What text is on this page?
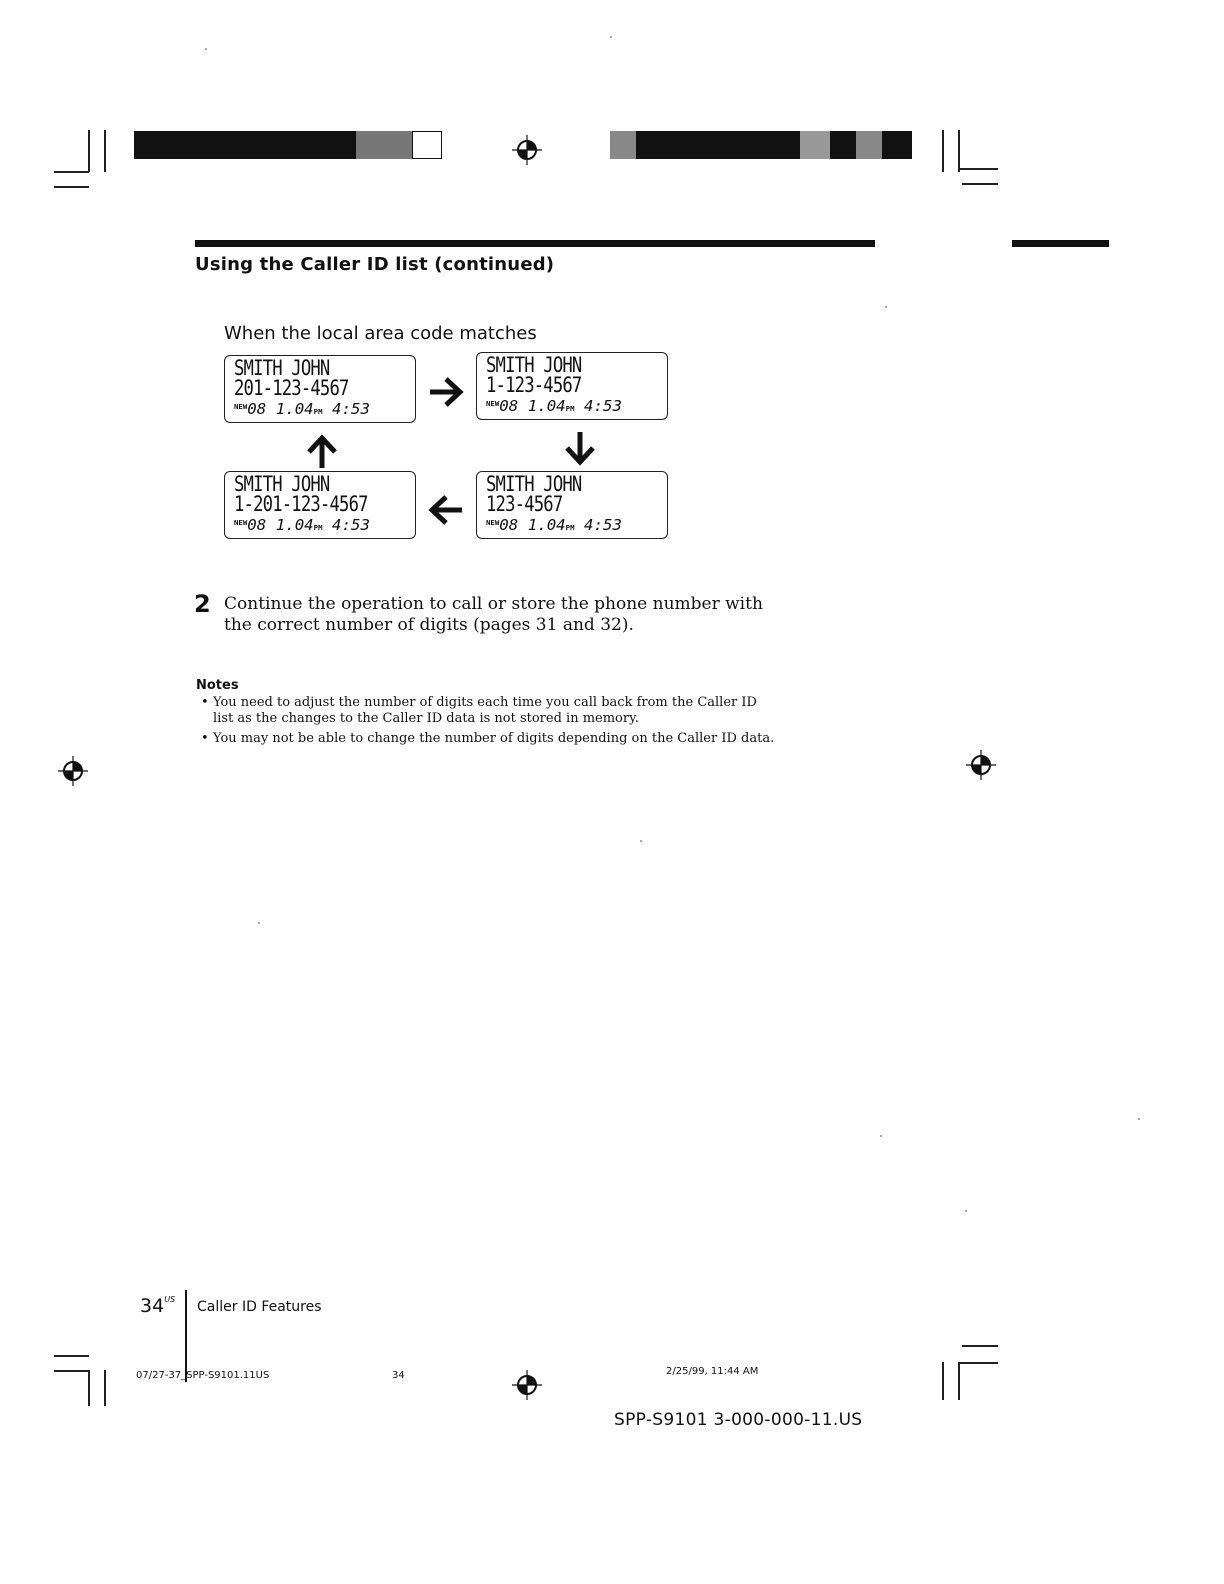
Using the Caller ID list (continued)
When the local area code matches
SMITH JOHN
201-123-4567
$^{NEW}$08 1.04PM 4:53
SMITH JOHN
1-123-4567
$^{NEW}$08 1.04PM 4:53
SMITH JOHN
1-201-123-4567
$^{NEW}$08 1.04PM 4:53
SMITH JOHN
123-4567
$^{NEW}$08 1.04PM 4:53
2 Continue the operation to call or store the phone number with the correct number of digits (pages 31 and 32).
Notes
• You need to adjust the number of digits each time you call back from the Caller ID list as the changes to the Caller ID data is not stored in memory.
• You may not be able to change the number of digits depending on the Caller ID data.
$34^{US}$ Caller ID Features
07/27-37_SPP-S9101.11US	34	2/25/99, 11:44 AM
SPP-S9101 3-000-000-11.US
